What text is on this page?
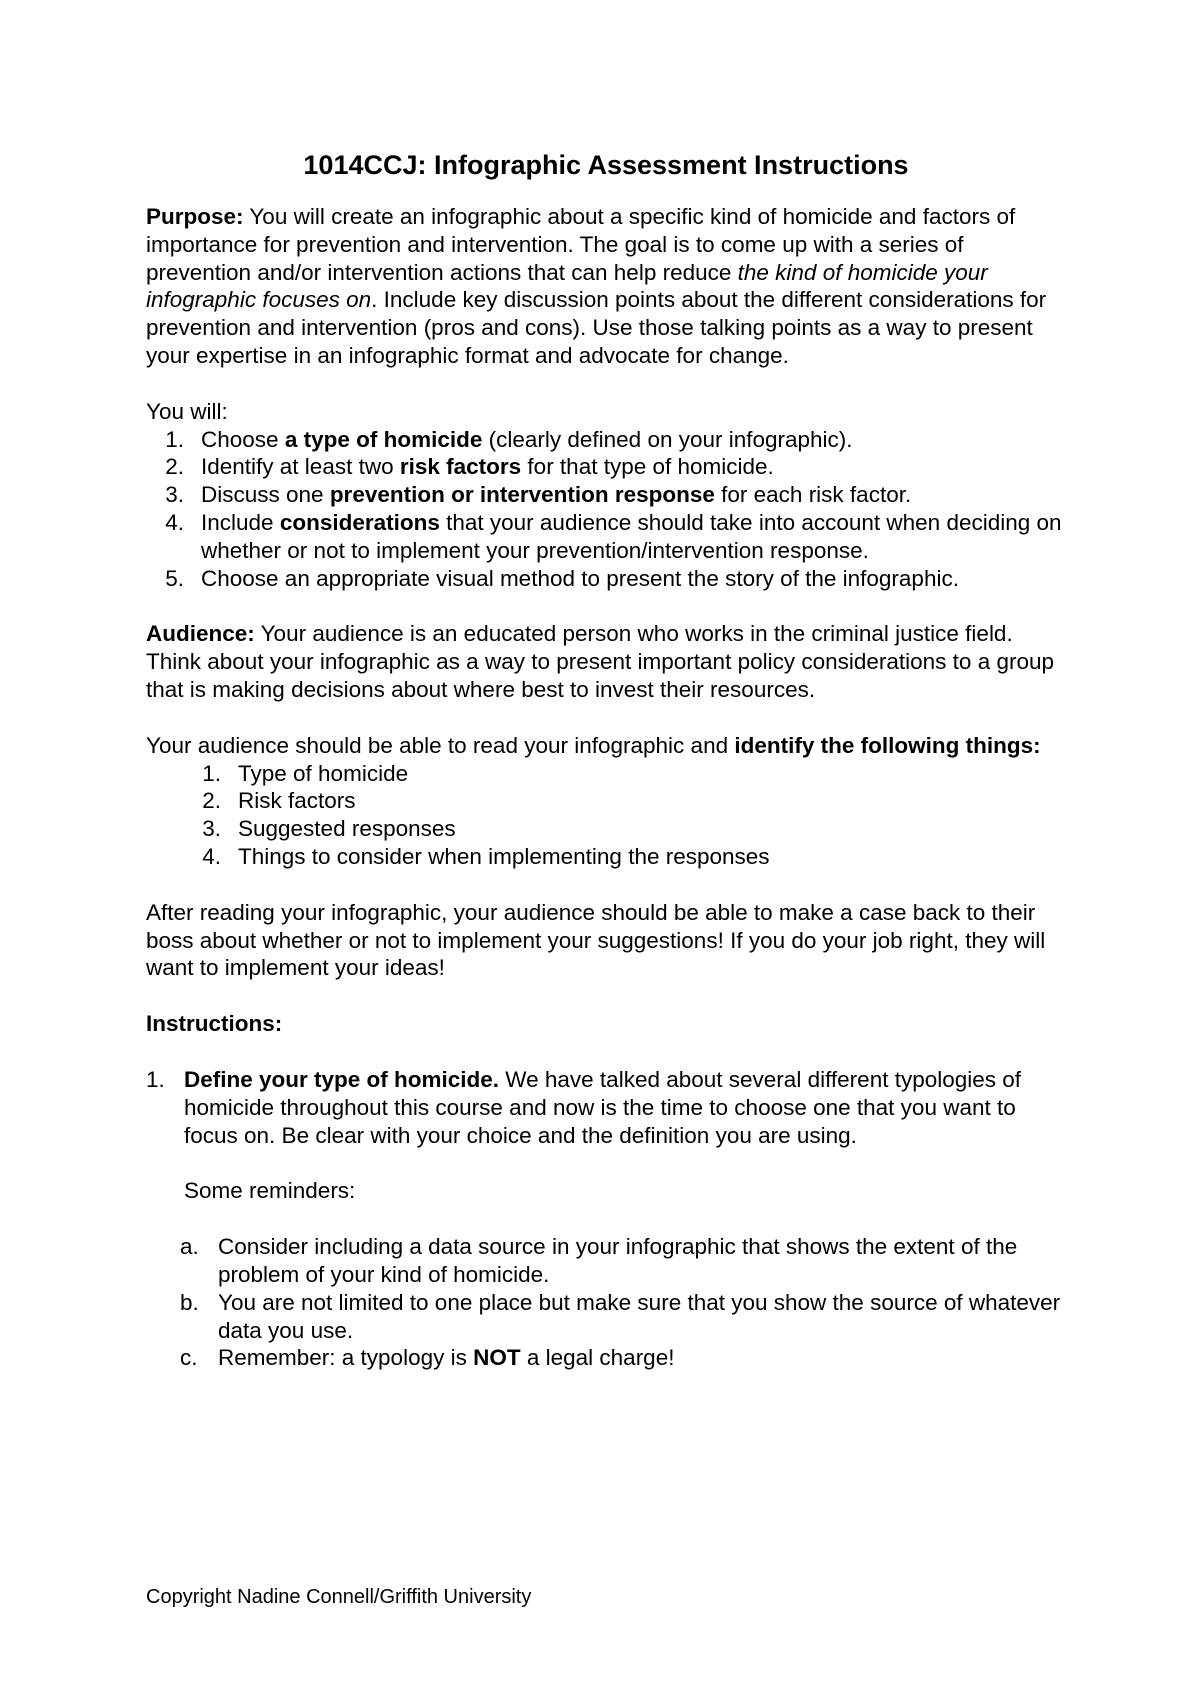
1014CCJ: Infographic Assessment Instructions

Purpose: You will create an infographic about a specific kind of homicide and factors of importance for prevention and intervention. The goal is to come up with a series of prevention and/or intervention actions that can help reduce the kind of homicide your infographic focuses on. Include key discussion points about the different considerations for prevention and intervention (pros and cons). Use those talking points as a way to present your expertise in an infographic format and advocate for change.

You will:

1. Choose a type of homicide (clearly defined on your infographic).
2. Identify at least two risk factors for that type of homicide.
3. Discuss one prevention or intervention response for each risk factor.
4. Include considerations that your audience should take into account when deciding on whether or not to implement your prevention/intervention response.
5. Choose an appropriate visual method to present the story of the infographic.

Audience: Your audience is an educated person who works in the criminal justice field. Think about your infographic as a way to present important policy considerations to a group that is making decisions about where best to invest their resources.

Your audience should be able to read your infographic and identify the following things:

1. Type of homicide
2. Risk factors
3. Suggested responses
4. Things to consider when implementing the responses

After reading your infographic, your audience should be able to make a case back to their boss about whether or not to implement your suggestions! If you do your job right, they will want to implement your ideas!

Instructions:

1. Define your type of homicide. We have talked about several different typologies of homicide throughout this course and now is the time to choose one that you want to focus on. Be clear with your choice and the definition you are using.

Some reminders:

a. Consider including a data source in your infographic that shows the extent of the problem of your kind of homicide.
b. You are not limited to one place but make sure that you show the source of whatever data you use.
c. Remember: a typology is NOT a legal charge!
Copyright Nadine Connell/Griffith University
